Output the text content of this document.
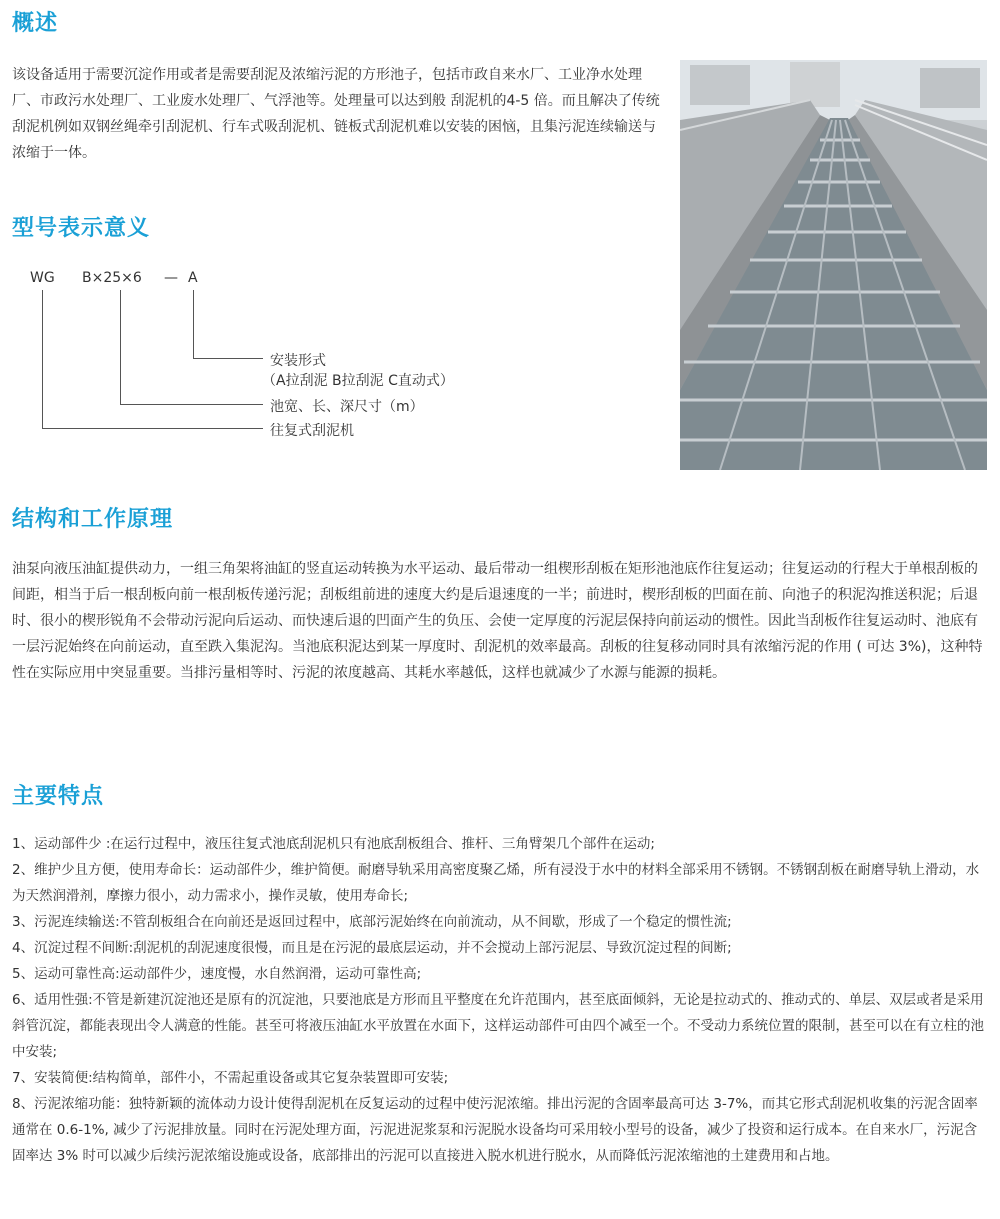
概述

该设备适用于需要沉淀作用或者是需要刮泥及浓缩污泥的方形池子，包括市政自来水厂、工业净水处理厂、市政污水处理厂、工业废水处理厂、气浮池等。处理量可以达到般 刮泥机的4-5 倍。而且解决了传统刮泥机例如双钢丝绳牵引刮泥机、行车式吸刮泥机、链板式刮泥机难以安装的困恼，且集污泥连续输送与浓缩于一体。

型号表示意义
WG B×25×6 — A
安装形式
（A拉刮泥 B拉刮泥 C直动式）
池宽、长、深尺寸（m）
往复式刮泥机
结构和工作原理

油泵向液压油缸提供动力，一组三角架将油缸的竖直运动转换为水平运动、最后带动一组楔形刮板在矩形池池底作往复运动；往复运动的行程大于单根刮板的间距，相当于后一根刮板向前一根刮板传递污泥；刮板组前进的速度大约是后退速度的一半；前进时，楔形刮板的凹面在前、向池子的积泥沟推送积泥；后退时、很小的楔形锐角不会带动污泥向后运动、而快速后退的凹面产生的负压、会使一定厚度的污泥层保持向前运动的惯性。因此当刮板作往复运动时、池底有一层污泥始终在向前运动，直至跌入集泥沟。当池底积泥达到某一厚度时、刮泥机的效率最高。刮板的往复移动同时具有浓缩污泥的作用 ( 可达 3%)，这种特性在实际应用中突显重要。当排污量相等时、污泥的浓度越高、其耗水率越低，这样也就减少了水源与能源的损耗。

主要特点
1、运动部件少 :在运行过程中，液压往复式池底刮泥机只有池底刮板组合、推杆、三角臂架几个部件在运动;
2、维护少且方便，使用寿命长：运动部件少，维护简便。耐磨导轨采用高密度聚乙烯，所有浸没于水中的材料全部采用不锈钢。不锈钢刮板在耐磨导轨上滑动，水为天然润滑剂，摩擦力很小，动力需求小，操作灵敏，使用寿命长;
3、污泥连续输送:不管刮板组合在向前还是返回过程中，底部污泥始终在向前流动，从不间歇，形成了一个稳定的惯性流;
4、沉淀过程不间断:刮泥机的刮泥速度很慢，而且是在污泥的最底层运动，并不会搅动上部污泥层、导致沉淀过程的间断;
5、运动可靠性高:运动部件少，速度慢，水自然润滑，运动可靠性高;
6、适用性强:不管是新建沉淀池还是原有的沉淀池，只要池底是方形而且平整度在允许范围内，甚至底面倾斜，无论是拉动式的、推动式的、单层、双层或者是采用斜管沉淀，都能表现出令人满意的性能。甚至可将液压油缸水平放置在水面下，这样运动部件可由四个减至一个。不受动力系统位置的限制，甚至可以在有立柱的池中安装;
7、安装简便:结构简单，部件小，不需起重设备或其它复杂装置即可安装;
8、污泥浓缩功能：独特新颖的流体动力设计使得刮泥机在反复运动的过程中使污泥浓缩。排出污泥的含固率最高可达 3-7%，而其它形式刮泥机收集的污泥含固率通常在 0.6-1%, 减少了污泥排放量。同时在污泥处理方面，污泥进泥浆泵和污泥脱水设备均可采用较小型号的设备，减少了投资和运行成本。在自来水厂，污泥含固率达 3% 时可以减少后续污泥浓缩设施或设备，底部排出的污泥可以直接进入脱水机进行脱水，从而降低污泥浓缩池的土建费用和占地。
